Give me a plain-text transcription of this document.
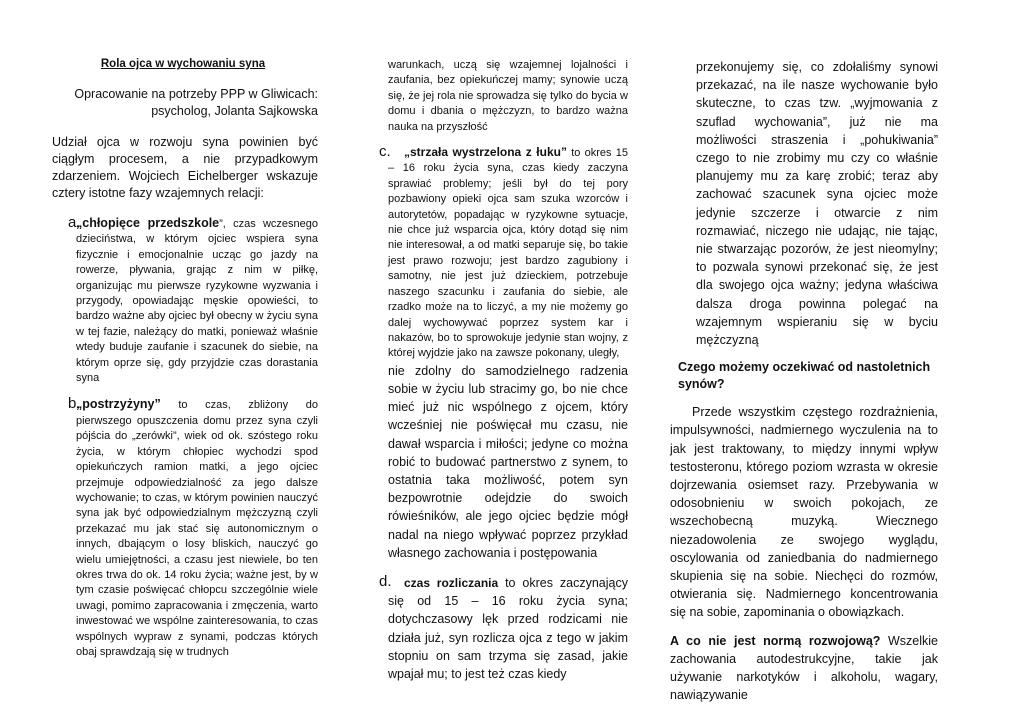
Rola ojca w wychowaniu syna

Opracowanie na potrzeby PPP w Gliwicach:
psycholog, Jolanta Sajkowska

Udział ojca w rozwoju syna powinien być ciągłym procesem, a nie przypadkowym zdarzeniem. Wojciech Eichelberger wskazuje cztery istotne fazy wzajemnych relacji:

a.

„chłopięce przedszkole”, czas wczesnego dzieciństwa, w którym ojciec wspiera syna fizycznie i emocjonalnie ucząc go jazdy na rowerze, pływania, grając z nim w piłkę, organizując mu pierwsze ryzykowne wyzwania i przygody, opowiadając męskie opowieści, to bardzo ważne aby ojciec był obecny w życiu syna w tej fazie, należący do matki, ponieważ właśnie wtedy buduje zaufanie i szacunek do siebie, na którym oprze się, gdy przyjdzie czas dorastania syna

b.

„postrzyżyny” to czas, zbliżony do pierwszego opuszczenia domu przez syna czyli pójścia do „zerówki”, wiek od ok. szóstego roku życia, w którym chłopiec wychodzi spod opiekuńczych ramion matki, a jego ojciec przejmuje odpowiedzialność za jego dalsze wychowanie; to czas, w którym powinien nauczyć syna jak być odpowiedzialnym mężczyzną czyli przekazać mu jak stać się autonomicznym o innych, dbającym o losy bliskich, nauczyć go wielu umiejętności, a czasu jest niewiele, bo ten okres trwa do ok. 14 roku życia; ważne jest, by w tym czasie poświęcać chłopcu szczególnie wiele uwagi, pomimo zapracowania i zmęczenia, warto inwestować we wspólne zainteresowania, to czas wspólnych wypraw z synami, podczas których obaj sprawdzają się w trudnych

warunkach, uczą się wzajemnej lojalności i zaufania, bez opiekuńczej mamy; synowie uczą się, że jej rola nie sprowadza się tylko do bycia w domu i dbania o mężczyzn, to bardzo ważna nauka na przyszłość

c.	„strzała wystrzelona z łuku” to okres 15 – 16 roku życia syna, czas kiedy zaczyna sprawiać problemy; jeśli był do tej pory pozbawiony opieki ojca sam szuka wzorców i autorytetów, popadając w ryzykowne sytuacje, nie chce już wsparcia ojca, który dotąd się nim nie interesował, a od matki separuje się, bo takie jest prawo rozwoju; jest bardzo zagubiony i samotny, nie jest już dzieckiem, potrzebuje naszego szacunku i zaufania do siebie, ale rzadko może na to liczyć, a my nie możemy go dalej wychowywać poprzez system kar i nakazów, bo to sprowokuje jedynie stan wojny, z której wyjdzie jako na zawsze pokonany, uległy,

nie zdolny do samodzielnego radzenia sobie w życiu lub stracimy go, bo nie chce mieć już nic wspólnego z ojcem, który wcześniej nie poświęcał mu czasu, nie dawał wsparcia i miłości; jedyne co można robić to budować partnerstwo z synem, to ostatnia taka możliwość, potem syn bezpowrotnie odejdzie do swoich rówieśników, ale jego ojciec będzie mógł nadal na niego wpływać poprzez przykład własnego zachowania i postępowania

d.	czas rozliczania to okres zaczynający się od 15 – 16 roku życia syna; dotychczasowy lęk przed rodzicami nie działa już, syn rozlicza ojca z tego w jakim stopniu on sam trzyma się zasad, jakie wpajał mu; to jest też czas kiedy

przekonujemy się, co zdołaliśmy synowi przekazać, na ile nasze wychowanie było skuteczne, to czas tzw. „wyjmowania z szuflad wychowania”, już nie ma możliwości straszenia i „pohukiwania” czego to nie zrobimy mu czy co właśnie planujemy mu za karę zrobić; teraz aby zachować szacunek syna ojciec może jedynie szczerze i otwarcie z nim rozmawiać, niczego nie udając, nie tając, nie stwarzając pozorów, że jest nieomylny; to pozwala synowi przekonać się, że jest dla swojego ojca ważny; jedyna właściwa dalsza droga powinna polegać na wzajemnym wspieraniu się w byciu mężczyzną

Czego możemy oczekiwać od nastoletnich synów?

Przede wszystkim częstego rozdrażnienia, impulsywności, nadmiernego wyczulenia na to jak jest traktowany, to między innymi wpływ testosteronu, którego poziom wzrasta w okresie dojrzewania osiemset razy. Przebywania w odosobnieniu w swoich pokojach, ze wszechobecną muzyką. Wiecznego niezadowolenia ze swojego wyglądu, oscylowania od zaniedbania do nadmiernego skupienia się na sobie. Niechęci do rozmów, otwierania się. Nadmiernego koncentrowania się na sobie, zapominania o obowiązkach.

A co nie jest normą rozwojową? Wszelkie zachowania autodestrukcyjne, takie jak używanie narkotyków i alkoholu, wagary, nawiązywanie
